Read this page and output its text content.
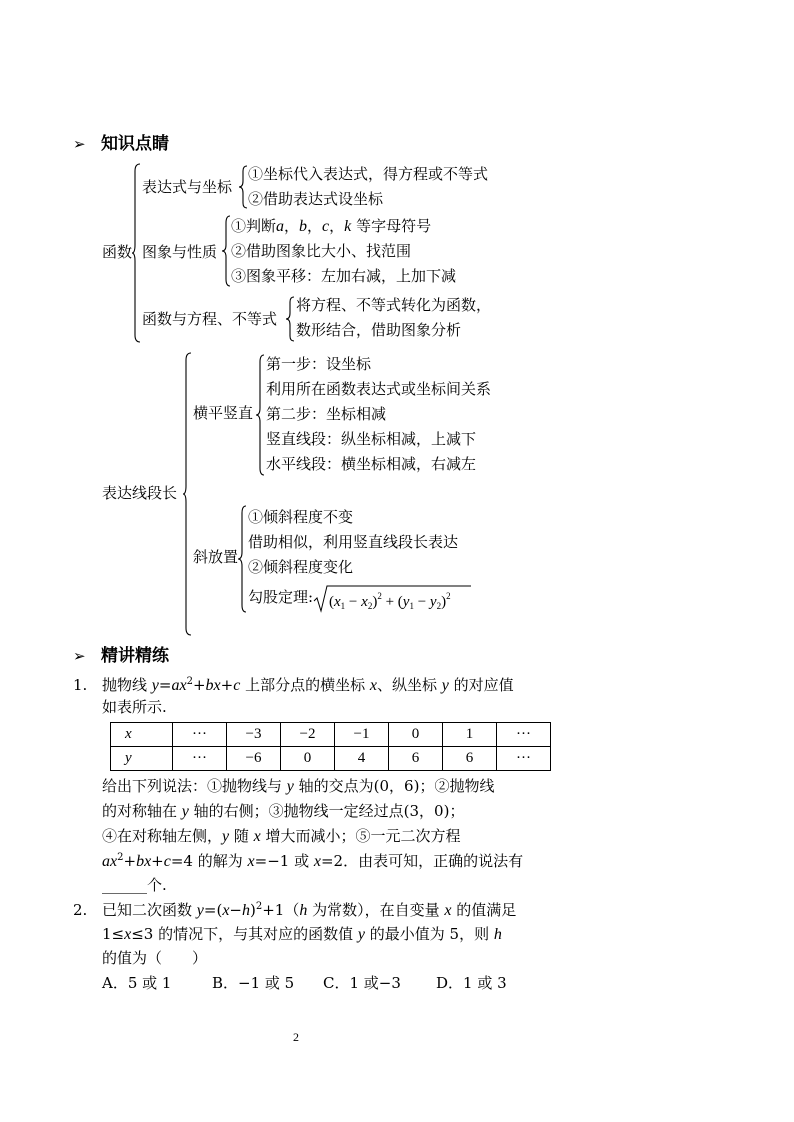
➢ 知识点睛
函数
表达式与坐标
①坐标代入表达式，得方程或不等式
②借助表达式设坐标
图象与性质
①判断a，b，c，k 等字母符号
②借助图象比大小、找范围
③图象平移：左加右减，上加下减
函数与方程、不等式
将方程、不等式转化为函数，
数形结合，借助图象分析
表达线段长
横平竖直
第一步：设坐标
利用所在函数表达式或坐标间关系
第二步：坐标相减
竖直线段：纵坐标相减，上减下
水平线段：横坐标相减，右减左
斜放置
①倾斜程度不变
借助相似，利用竖直线段长表达
②倾斜程度变化
勾股定理: $(x_1 - x_2)^2 + (y_1 - y_2)^2$
➢ 精讲精练
1. 抛物线 $y=ax^2+bx+c$ 上部分点的横坐标 x、纵坐标 y 的对应值
如表所示.
x	···	−3	−2	−1	0	1	···
y	···	−6	0	4	6	6	···
给出下列说法：①抛物线与 y 轴的交点为(0，6)；②抛物线
的对称轴在 y 轴的右侧；③抛物线一定经过点(3，0)；
④在对称轴左侧，y 随 x 增大而减小；⑤一元二次方程
$ax^2+bx+c=4$ 的解为 x=−1 或 x=2．由表可知，正确的说法有
______个.
2. 已知二次函数 $y=(x-h)^2+1(h$ 为常数），在自变量 x 的值满足
1≤x≤3 的情况下，与其对应的函数值 y 的最小值为 5，则 h
的值为（　　）
A．5 或 1	B．−1 或 5 C．1 或−3 D．1 或 3
2
